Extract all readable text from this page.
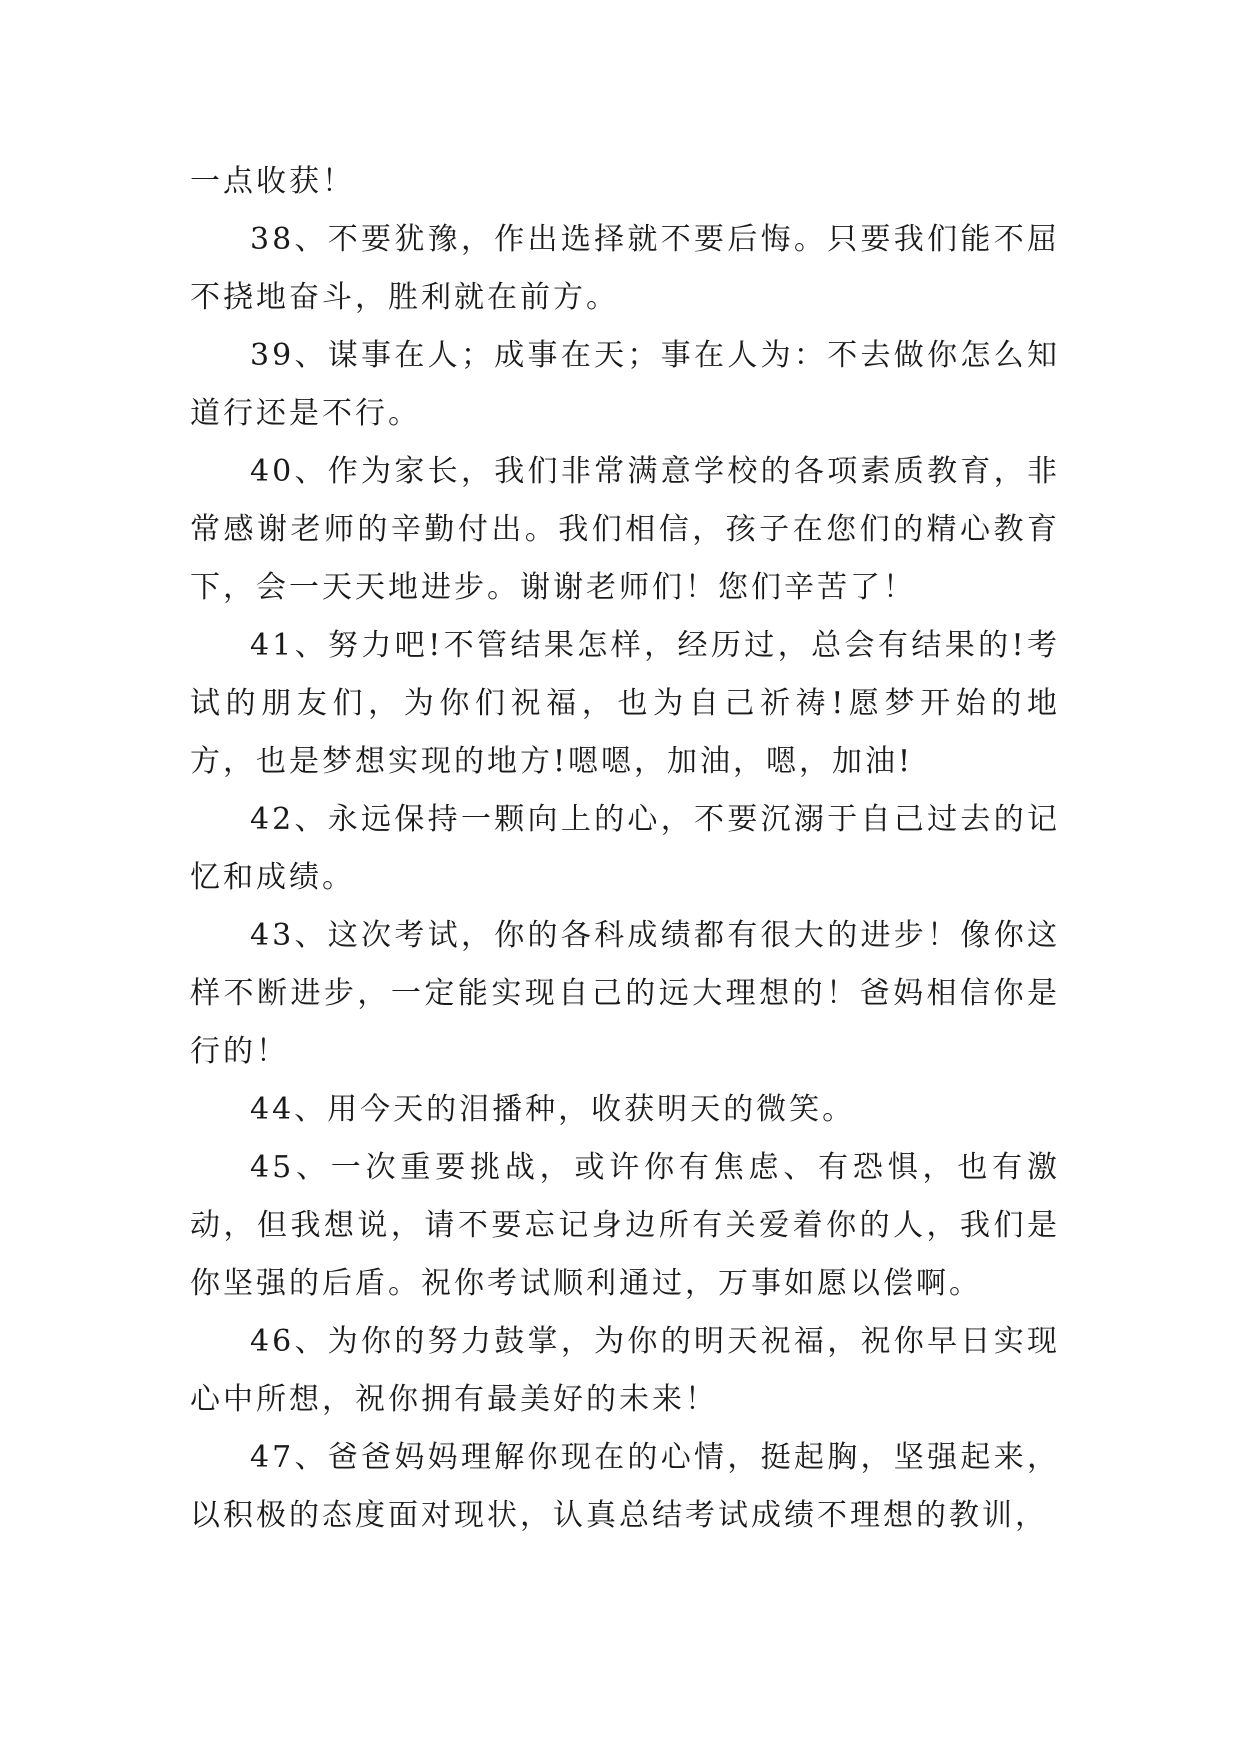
一点收获！

38、不要犹豫，作出选择就不要后悔。只要我们能不屈不挠地奋斗，胜利就在前方。

39、谋事在人；成事在天；事在人为：不去做你怎么知道行还是不行。

40、作为家长，我们非常满意学校的各项素质教育，非常感谢老师的辛勤付出。我们相信，孩子在您们的精心教育下，会一天天地进步。谢谢老师们！您们辛苦了！

41、努力吧!不管结果怎样，经历过，总会有结果的!考试的朋友们，为你们祝福，也为自己祈祷!愿梦开始的地方，也是梦想实现的地方!嗯嗯，加油，嗯，加油!

42、永远保持一颗向上的心，不要沉溺于自己过去的记忆和成绩。

43、这次考试，你的各科成绩都有很大的进步！像你这样不断进步，一定能实现自己的远大理想的！爸妈相信你是行的！

44、用今天的泪播种，收获明天的微笑。

45、一次重要挑战，或许你有焦虑、有恐惧，也有激动，但我想说，请不要忘记身边所有关爱着你的人，我们是你坚强的后盾。祝你考试顺利通过，万事如愿以偿啊。

46、为你的努力鼓掌，为你的明天祝福，祝你早日实现心中所想，祝你拥有最美好的未来！

47、爸爸妈妈理解你现在的心情，挺起胸，坚强起来，以积极的态度面对现状，认真总结考试成绩不理想的教训，
